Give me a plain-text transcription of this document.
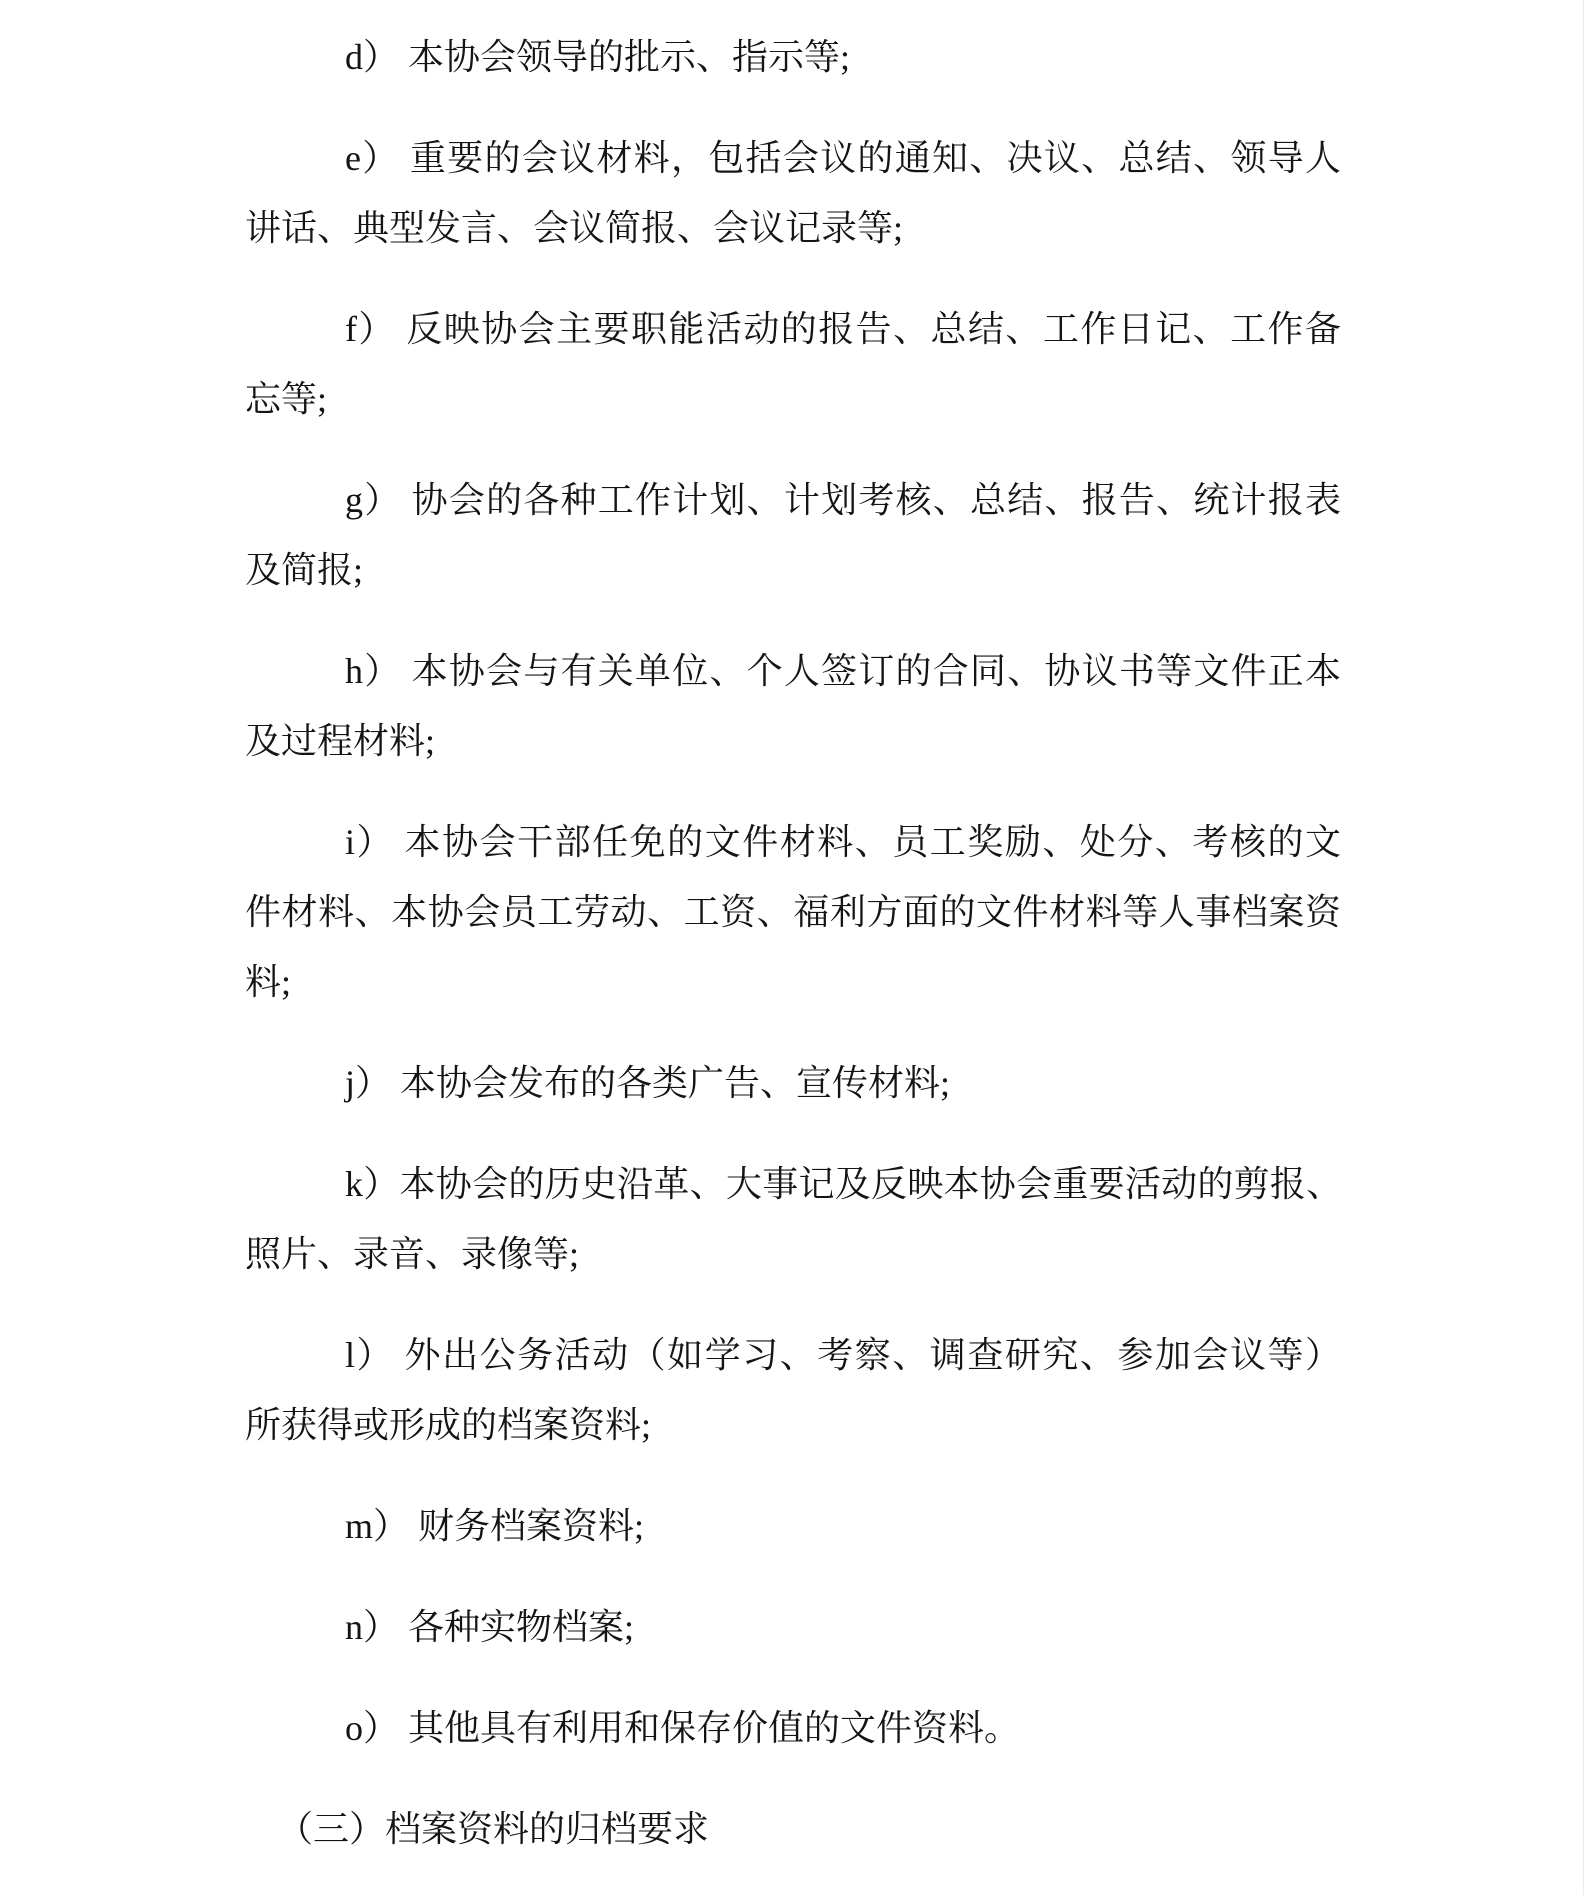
d） 本协会领导的批示、指示等;

e） 重要的会议材料，包括会议的通知、决议、总结、领导人
讲话、典型发言、会议简报、会议记录等;

f） 反映协会主要职能活动的报告、总结、工作日记、工作备
忘等;

g） 协会的各种工作计划、计划考核、总结、报告、统计报表
及简报;

h） 本协会与有关单位、个人签订的合同、协议书等文件正本
及过程材料;

i） 本协会干部任免的文件材料、员工奖励、处分、考核的文
件材料、本协会员工劳动、工资、福利方面的文件材料等人事档案资
料;

j） 本协会发布的各类广告、宣传材料;

k）本协会的历史沿革、大事记及反映本协会重要活动的剪报、
照片、录音、录像等;

l） 外出公务活动（如学习、考察、调查研究、参加会议等）
所获得或形成的档案资料;

m） 财务档案资料;

n） 各种实物档案;

o） 其他具有利用和保存价值的文件资料。

（三）档案资料的归档要求
